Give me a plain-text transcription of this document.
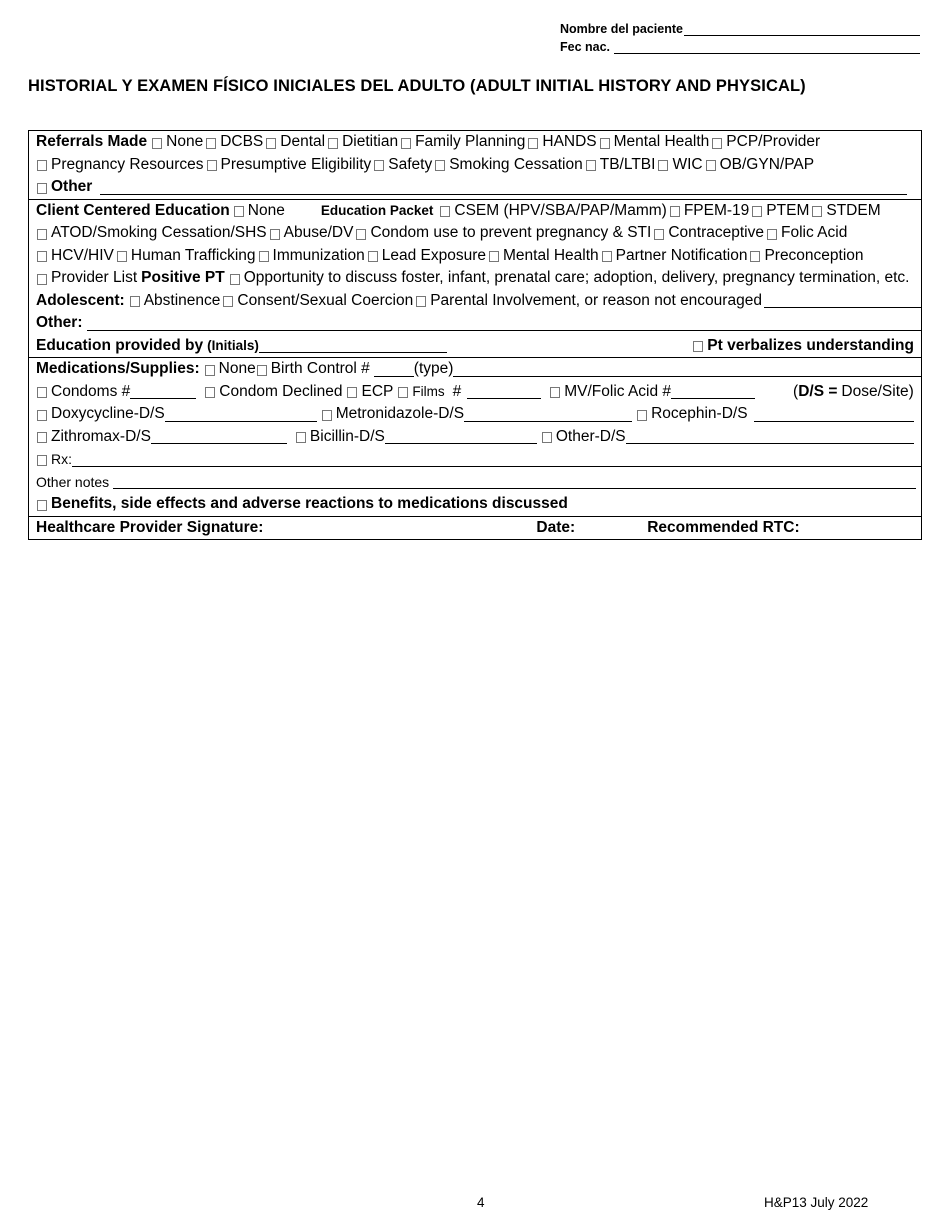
Nombre del paciente
Fec nac.
HISTORIAL Y EXAMEN FÍSICO INICIALES DEL ADULTO (ADULT INITIAL HISTORY AND PHYSICAL)
Referrals Made None DCBS Dental Dietitian Family Planning HANDS Mental Health PCP/Provider
Pregnancy Resources Presumptive Eligibility Safety Smoking Cessation TB/LTBI WIC OB/GYN/PAP
Other
Client Centered Education None	Education Packet CSEM (HPV/SBA/PAP/Mamm) FPEM-19 PTEM STDEM
ATOD/Smoking Cessation/SHS Abuse/DV Condom use to prevent pregnancy & STI Contraceptive Folic Acid
HCV/HIV Human Trafficking Immunization Lead Exposure Mental Health Partner Notification Preconception
Provider List Positive PT Opportunity to discuss foster, infant, prenatal care; adoption, delivery, pregnancy termination, etc.
Adolescent: Abstinence Consent/Sexual Coercion Parental Involvement, or reason not encouraged
Other:
Education provided by (Initials)	Pt verbalizes understanding
Medications/Supplies: None Birth Control #	(type)
Condoms #	Condom Declined ECP Films #	MV/Folic Acid #	( D/S = Dose/Site)
Doxycycline-D/S	Metronidazole-D/S	Rocephin-D/S
Zithromax-D/S	Bicillin-D/S	Other-D/S
Rx:
Other notes
Benefits, side effects and adverse reactions to medications discussed
Healthcare Provider Signature:	Date:	Recommended RTC:
4	H&P13 July 2022
